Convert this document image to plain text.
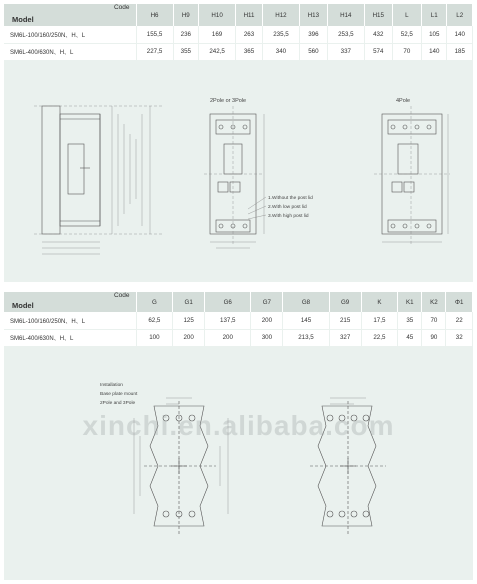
Code
Model	H6	H9	H10	H11	H12	H13	H14	H15	L	L1	L2
SM6L-100/160/250N、H、L	155,5	236	169	263	235,5	396	253,5	432	52,5	105	140
SM6L-400/630N、H、L	227,5	355	242,5	365	340	560	337	574	70	140	185
2Pole or 3Pole	4Pole
1.Without the post lid
2.With low post lid
3.With high post lid
Code
Model	G	G1	G6	G7	G8	G9	K	K1	K2	Φ1
SM6L-100/160/250N、H、L	62,5	125	137,5	200	145	215	17,5	35	70	22
SM6L-400/630N、H、L	100	200	200	300	213,5	327	22,5	45	90	32
Installation
Base plate mount
2Pole and 3Pole
xinchi.en.alibaba.com
